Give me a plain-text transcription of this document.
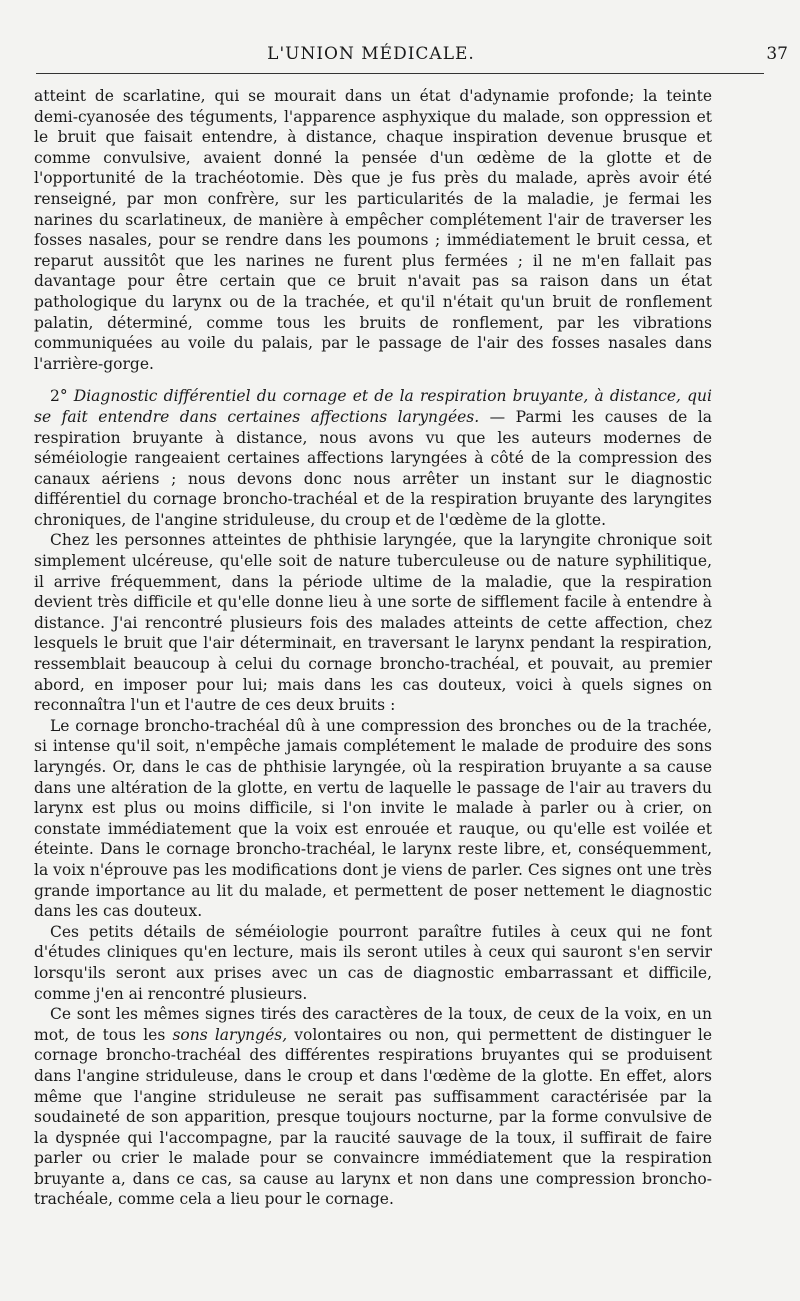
L'UNION MÉDICALE.	37

atteint de scarlatine, qui se mourait dans un état d'adynamie profonde; la teinte demi-cyanosée des téguments, l'apparence asphyxique du malade, son oppression et le bruit que faisait entendre, à distance, chaque inspiration devenue brusque et comme convulsive, avaient donné la pensée d'un œdème de la glotte et de l'opportunité de la trachéotomie. Dès que je fus près du malade, après avoir été renseigné, par mon confrère, sur les particularités de la maladie, je fermai les narines du scarlatineux, de manière à empêcher complétement l'air de traverser les fosses nasales, pour se rendre dans les poumons ; immédiatement le bruit cessa, et reparut aussitôt que les narines ne furent plus fermées ; il ne m'en fallait pas davantage pour être certain que ce bruit n'avait pas sa raison dans un état pathologique du larynx ou de la trachée, et qu'il n'était qu'un bruit de ronflement palatin, déterminé, comme tous les bruits de ronflement, par les vibrations communiquées au voile du palais, par le passage de l'air des fosses nasales dans l'arrière-gorge.

2° Diagnostic différentiel du cornage et de la respiration bruyante, à distance, qui se fait entendre dans certaines affections laryngées. — Parmi les causes de la respiration bruyante à distance, nous avons vu que les auteurs modernes de séméiologie rangeaient certaines affections laryngées à côté de la compression des canaux aériens ; nous devons donc nous arrêter un instant sur le diagnostic différentiel du cornage broncho-trachéal et de la respiration bruyante des laryngites chroniques, de l'angine striduleuse, du croup et de l'œdème de la glotte.

Chez les personnes atteintes de phthisie laryngée, que la laryngite chronique soit simplement ulcéreuse, qu'elle soit de nature tuberculeuse ou de nature syphilitique, il arrive fréquemment, dans la période ultime de la maladie, que la respiration devient très difficile et qu'elle donne lieu à une sorte de sifflement facile à entendre à distance. J'ai rencontré plusieurs fois des malades atteints de cette affection, chez lesquels le bruit que l'air déterminait, en traversant le larynx pendant la respiration, ressemblait beaucoup à celui du cornage broncho-trachéal, et pouvait, au premier abord, en imposer pour lui; mais dans les cas douteux, voici à quels signes on reconnaîtra l'un et l'autre de ces deux bruits :

Le cornage broncho-trachéal dû à une compression des bronches ou de la trachée, si intense qu'il soit, n'empêche jamais complétement le malade de produire des sons laryngés. Or, dans le cas de phthisie laryngée, où la respiration bruyante a sa cause dans une altération de la glotte, en vertu de laquelle le passage de l'air au travers du larynx est plus ou moins difficile, si l'on invite le malade à parler ou à crier, on constate immédiatement que la voix est enrouée et rauque, ou qu'elle est voilée et éteinte. Dans le cornage broncho-trachéal, le larynx reste libre, et, conséquemment, la voix n'éprouve pas les modifications dont je viens de parler. Ces signes ont une très grande importance au lit du malade, et permettent de poser nettement le diagnostic dans les cas douteux.

Ces petits détails de séméiologie pourront paraître futiles à ceux qui ne font d'études cliniques qu'en lecture, mais ils seront utiles à ceux qui sauront s'en servir lorsqu'ils seront aux prises avec un cas de diagnostic embarrassant et difficile, comme j'en ai rencontré plusieurs.

Ce sont les mêmes signes tirés des caractères de la toux, de ceux de la voix, en un mot, de tous les sons laryngés, volontaires ou non, qui permettent de distinguer le cornage broncho-trachéal des différentes respirations bruyantes qui se produisent dans l'angine striduleuse, dans le croup et dans l'œdème de la glotte. En effet, alors même que l'angine striduleuse ne serait pas suffisamment caractérisée par la soudaineté de son apparition, presque toujours nocturne, par la forme convulsive de la dyspnée qui l'accompagne, par la raucité sauvage de la toux, il suffirait de faire parler ou crier le malade pour se convaincre immédiatement que la respiration bruyante a, dans ce cas, sa cause au larynx et non dans une compression broncho-trachéale, comme cela a lieu pour le cornage.
